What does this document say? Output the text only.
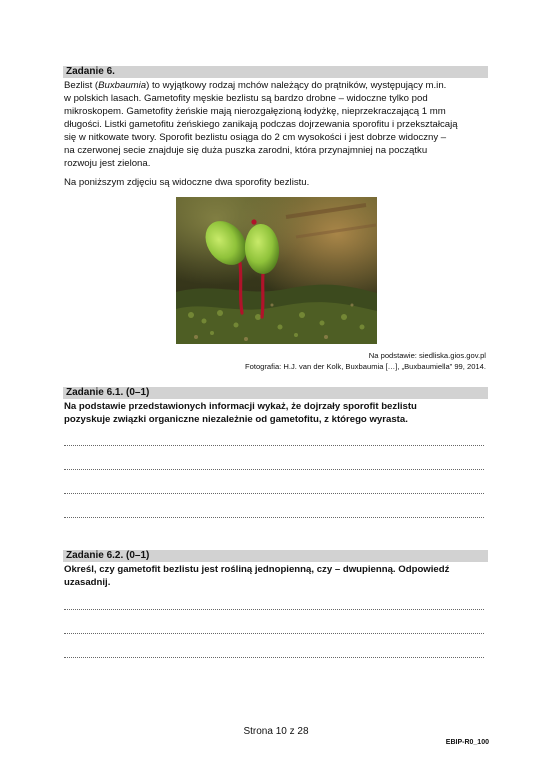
Zadanie 6.
Bezlist (Buxbaumia) to wyjątkowy rodzaj mchów należący do prątników, występujący m.in.
w polskich lasach. Gametofity męskie bezlistu są bardzo drobne – widoczne tylko pod
mikroskopem. Gametofity żeńskie mają nierozgałęzioną łodyżkę, nieprzekraczającą 1 mm
długości. Listki gametofitu żeńskiego zanikają podczas dojrzewania sporofitu i przekształcają
się w nitkowate twory. Sporofit bezlistu osiąga do 2 cm wysokości i jest dobrze widoczny –
na czerwonej secie znajduje się duża puszka zarodni, która przynajmniej na początku
rozwoju jest zielona.
Na poniższym zdjęciu są widoczne dwa sporofity bezlistu.
Na podstawie: siedliska.gios.gov.pl
Fotografia: H.J. van der Kolk, Buxbaumia […], „Buxbaumiella” 99, 2014.
Zadanie 6.1. (0–1)
Na podstawie przedstawionych informacji wykaż, że dojrzały sporofit bezlistu
pozyskuje związki organiczne niezależnie od gametofitu, z którego wyrasta.
Zadanie 6.2. (0–1)
Określ, czy gametofit bezlistu jest rośliną jednopienną, czy – dwupienną. Odpowiedź
uzasadnij.
Strona 10 z 28
EBIP-R0_100
